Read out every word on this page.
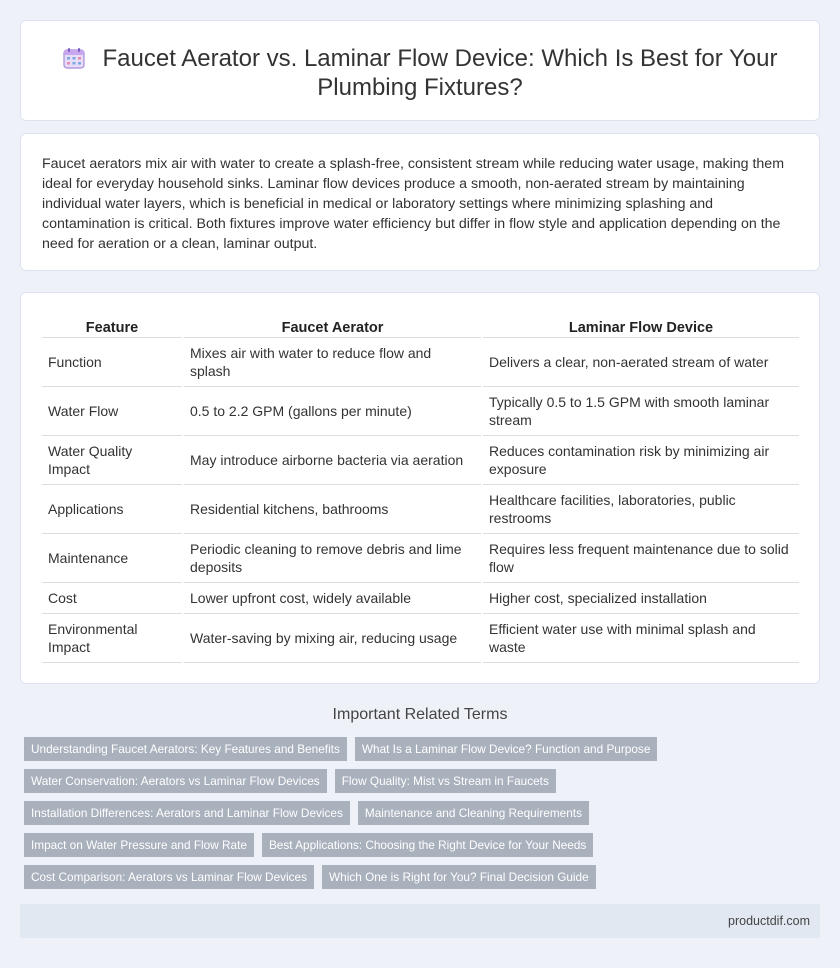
Faucet Aerator vs. Laminar Flow Device: Which Is Best for Your Plumbing Fixtures?

Faucet aerators mix air with water to create a splash-free, consistent stream while reducing water usage, making them ideal for everyday household sinks. Laminar flow devices produce a smooth, non-aerated stream by maintaining individual water layers, which is beneficial in medical or laboratory settings where minimizing splashing and contamination is critical. Both fixtures improve water efficiency but differ in flow style and application depending on the need for aeration or a clean, laminar output.

Feature	Faucet Aerator	Laminar Flow Device
Function	Mixes air with water to reduce flow and splash	Delivers a clear, non-aerated stream of water
Water Flow	0.5 to 2.2 GPM (gallons per minute)	Typically 0.5 to 1.5 GPM with smooth laminar stream
Water Quality Impact	May introduce airborne bacteria via aeration	Reduces contamination risk by minimizing air exposure
Applications	Residential kitchens, bathrooms	Healthcare facilities, laboratories, public restrooms
Maintenance	Periodic cleaning to remove debris and lime deposits	Requires less frequent maintenance due to solid flow
Cost	Lower upfront cost, widely available	Higher cost, specialized installation
Environmental Impact	Water-saving by mixing air, reducing usage	Efficient water use with minimal splash and waste
Important Related Terms
Understanding Faucet Aerators: Key Features and Benefits	What Is a Laminar Flow Device? Function and Purpose
Water Conservation: Aerators vs Laminar Flow Devices	Flow Quality: Mist vs Stream in Faucets
Installation Differences: Aerators and Laminar Flow Devices	Maintenance and Cleaning Requirements
Impact on Water Pressure and Flow Rate	Best Applications: Choosing the Right Device for Your Needs
Cost Comparison: Aerators vs Laminar Flow Devices	Which One is Right for You? Final Decision Guide
productdif.com
